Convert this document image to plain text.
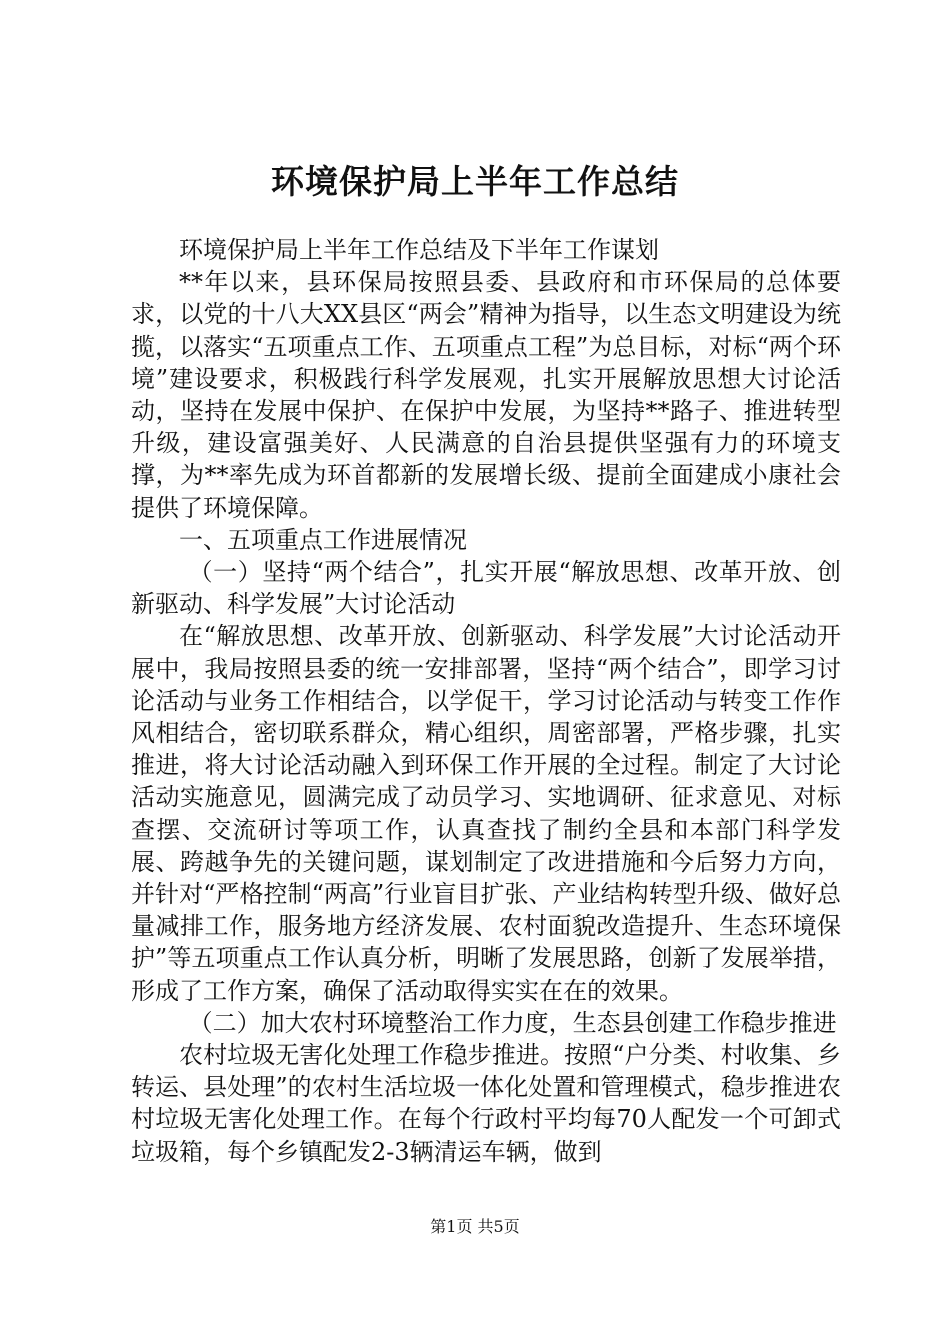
环境保护局上半年工作总结

环境保护局上半年工作总结及下半年工作谋划

**年以来，县环保局按照县委、县政府和市环保局的总体要求，以党的十八大XX县区“两会”精神为指导，以生态文明建设为统揽，以落实“五项重点工作、五项重点工程”为总目标，对标“两个环境”建设要求，积极践行科学发展观，扎实开展解放思想大讨论活动，坚持在发展中保护、在保护中发展，为坚持**路子、推进转型升级，建设富强美好、人民满意的自治县提供坚强有力的环境支撑，为**率先成为环首都新的发展增长级、提前全面建成小康社会提供了环境保障。

一、五项重点工作进展情况

（一）坚持“两个结合”，扎实开展“解放思想、改革开放、创新驱动、科学发展”大讨论活动

在“解放思想、改革开放、创新驱动、科学发展”大讨论活动开展中，我局按照县委的统一安排部署，坚持“两个结合”，即学习讨论活动与业务工作相结合，以学促干，学习讨论活动与转变工作作风相结合，密切联系群众，精心组织，周密部署，严格步骤，扎实推进，将大讨论活动融入到环保工作开展的全过程。制定了大讨论活动实施意见，圆满完成了动员学习、实地调研、征求意见、对标查摆、交流研讨等项工作，认真查找了制约全县和本部门科学发展、跨越争先的关键问题，谋划制定了改进措施和今后努力方向，并针对“严格控制“两高”行业盲目扩张、产业结构转型升级、做好总量减排工作，服务地方经济发展、农村面貌改造提升、生态环境保护”等五项重点工作认真分析，明晰了发展思路，创新了发展举措，形成了工作方案，确保了活动取得实实在在的效果。

（二）加大农村环境整治工作力度，生态县创建工作稳步推进

农村垃圾无害化处理工作稳步推进。按照“户分类、村收集、乡转运、县处理”的农村生活垃圾一体化处置和管理模式，稳步推进农村垃圾无害化处理工作。在每个行政村平均每70人配发一个可卸式垃圾箱，每个乡镇配发2-3辆清运车辆，做到

第1页 共5页
